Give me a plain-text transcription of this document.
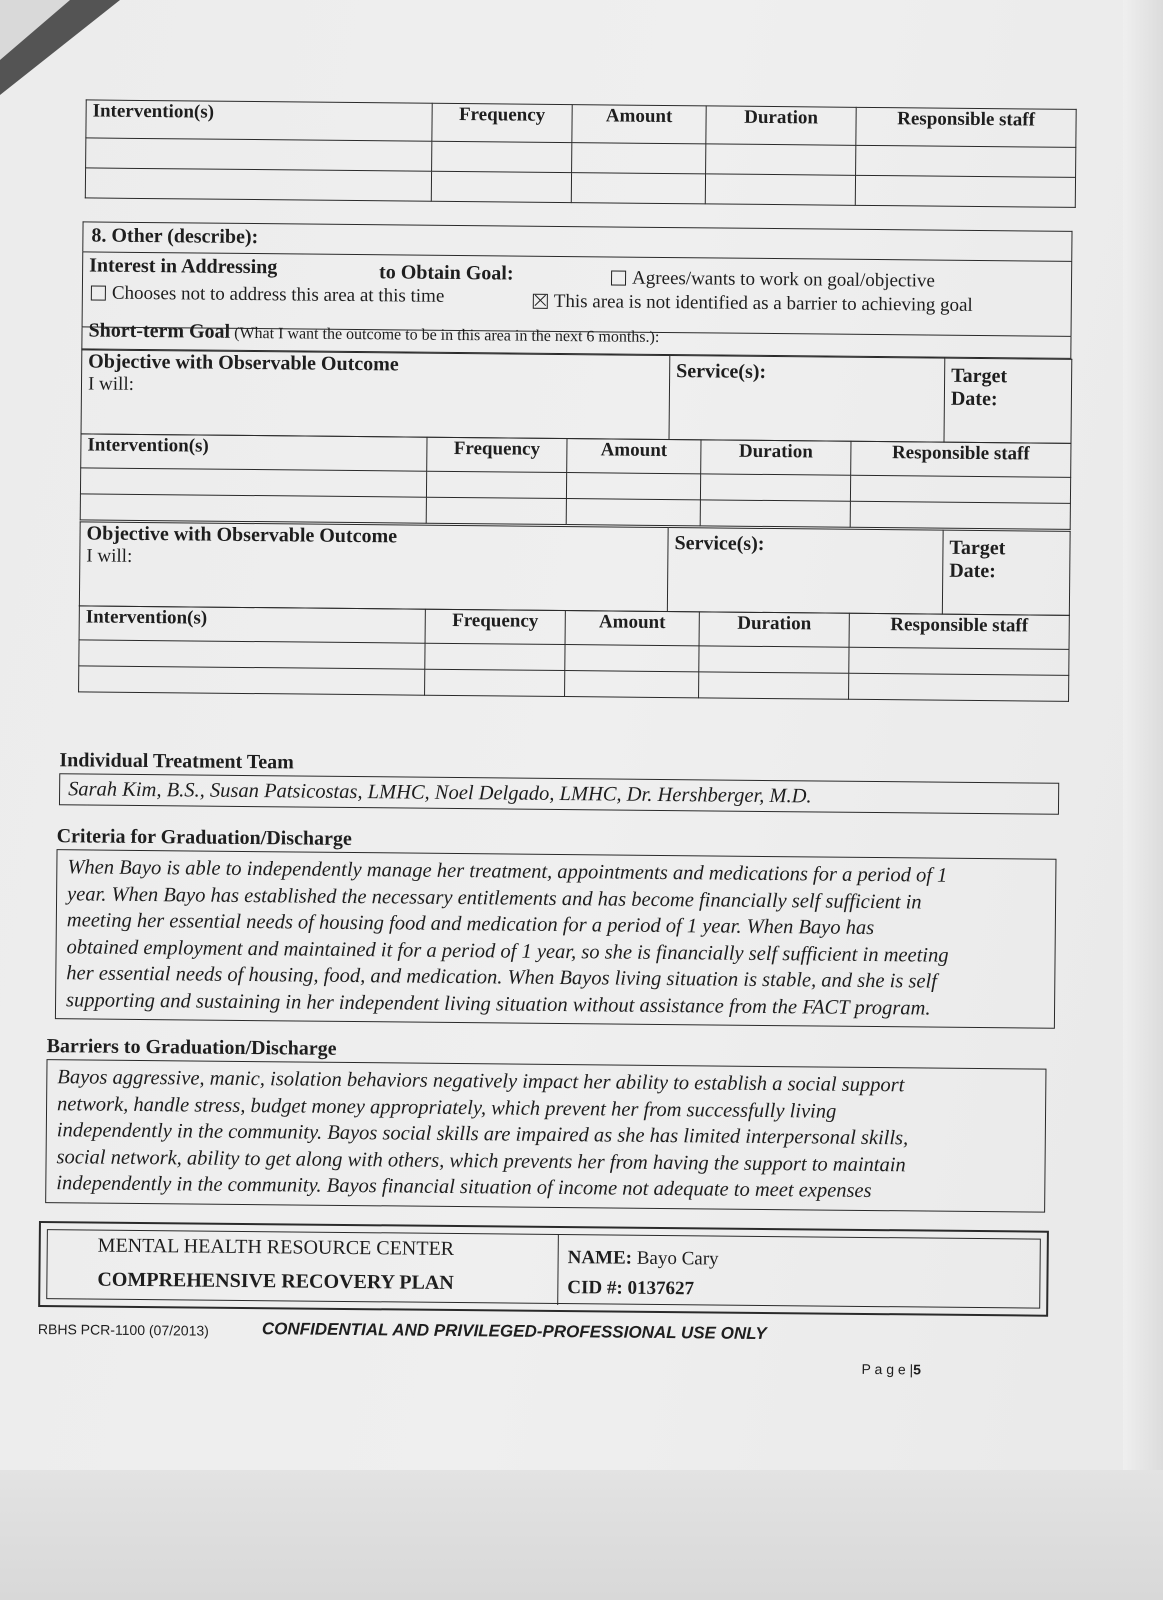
Intervention(s)	Frequency	Amount	Duration	Responsible staff

8. Other (describe):
Interest in Addressing	to Obtain Goal:	Agrees/wants to work on goal/objective
Chooses not to address this area at this time	This area is not identified as a barrier to achieving goal
Short-term Goal (What I want the outcome to be in this area in the next 6 months.):
Objective with Observable Outcome
I will:

Service(s):	Target
Date:
Intervention(s)	Frequency	Amount	Duration	Responsible staff

Objective with Observable Outcome
I will:

Service(s):	Target
Date:
Intervention(s)	Frequency	Amount	Duration	Responsible staff

Individual Treatment Team
Sarah Kim, B.S., Susan Patsicostas, LMHC, Noel Delgado, LMHC, Dr. Hershberger, M.D.
Criteria for Graduation/Discharge
When Bayo is able to independently manage her treatment, appointments and medications for a period of 1
year. When Bayo has established the necessary entitlements and has become financially self sufficient in
meeting her essential needs of housing food and medication for a period of 1 year. When Bayo has
obtained employment and maintained it for a period of 1 year, so she is financially self sufficient in meeting
her essential needs of housing, food, and medication. When Bayos living situation is stable, and she is self
supporting and sustaining in her independent living situation without assistance from the FACT program.
Barriers to Graduation/Discharge
Bayos aggressive, manic, isolation behaviors negatively impact her ability to establish a social support
network, handle stress, budget money appropriately, which prevent her from successfully living
independently in the community. Bayos social skills are impaired as she has limited interpersonal skills,
social network, ability to get along with others, which prevents her from having the support to maintain
independently in the community. Bayos financial situation of income not adequate to meet expenses
MENTAL HEALTH RESOURCE CENTER
COMPREHENSIVE RECOVERY PLAN
NAME: Bayo Cary
CID #: 0137627
RBHS PCR-1100 (07/2013)	CONFIDENTIAL AND PRIVILEGED-PROFESSIONAL USE ONLY
P a g e |5
